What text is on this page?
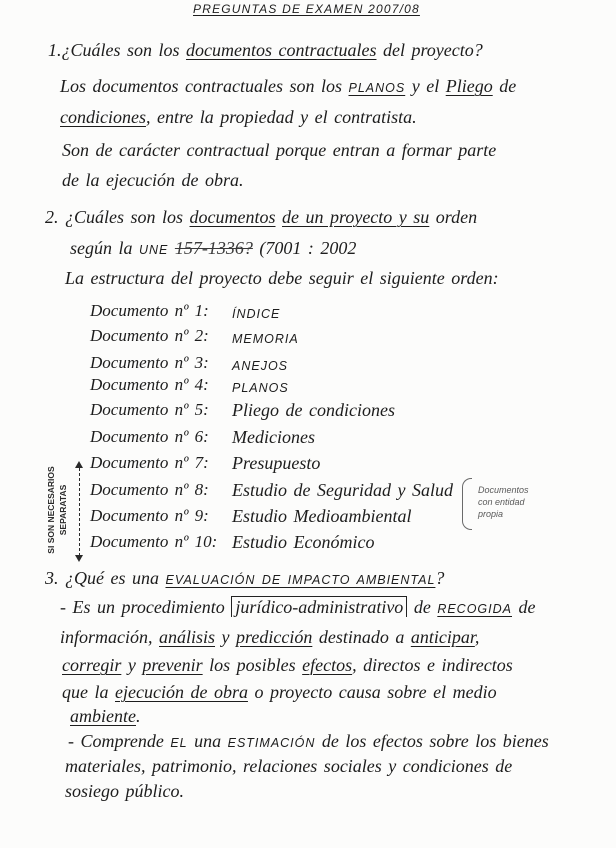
PREGUNTAS DE EXAMEN 2007/08
1.¿Cuáles son los documentos contractuales del proyecto?
Los documentos contractuales son los PLANOS y el Pliego de
condiciones, entre la propiedad y el contratista.
Son de carácter contractual porque entran a formar parte
de la ejecución de obra.
2. ¿Cuáles son los documentos de un proyecto y su orden
según la UNE 157-1336? (7001 : 2002
La estructura del proyecto debe seguir el siguiente orden:
Documento nº 1: ÍNDICE
Documento nº 2: MEMORIA
Documento nº 3: ANEJOS
Documento nº 4: PLANOS
Documento nº 5: Pliego de condiciones
Documento nº 6: Mediciones
Documento nº 7: Presupuesto
Documento nº 8: Estudio de Seguridad y Salud
Documento nº 9: Estudio Medioambiental
Documento nº 10: Estudio Económico
SI SON NECESARIOS SEPARATAS	Documentos
con entidad
propia
3. ¿Qué es una EVALUACIÓN DE IMPACTO AMBIENTAL?
- Es un procedimiento jurídico-administrativo de RECOGIDA de
información, análisis y predicción destinado a anticipar,
corregir y prevenir los posibles efectos, directos e indirectos
que la ejecución de obra o proyecto causa sobre el medio
ambiente.
- Comprende EL una ESTIMACIÓN de los efectos sobre los bienes
materiales, patrimonio, relaciones sociales y condiciones de
sosiego público.
